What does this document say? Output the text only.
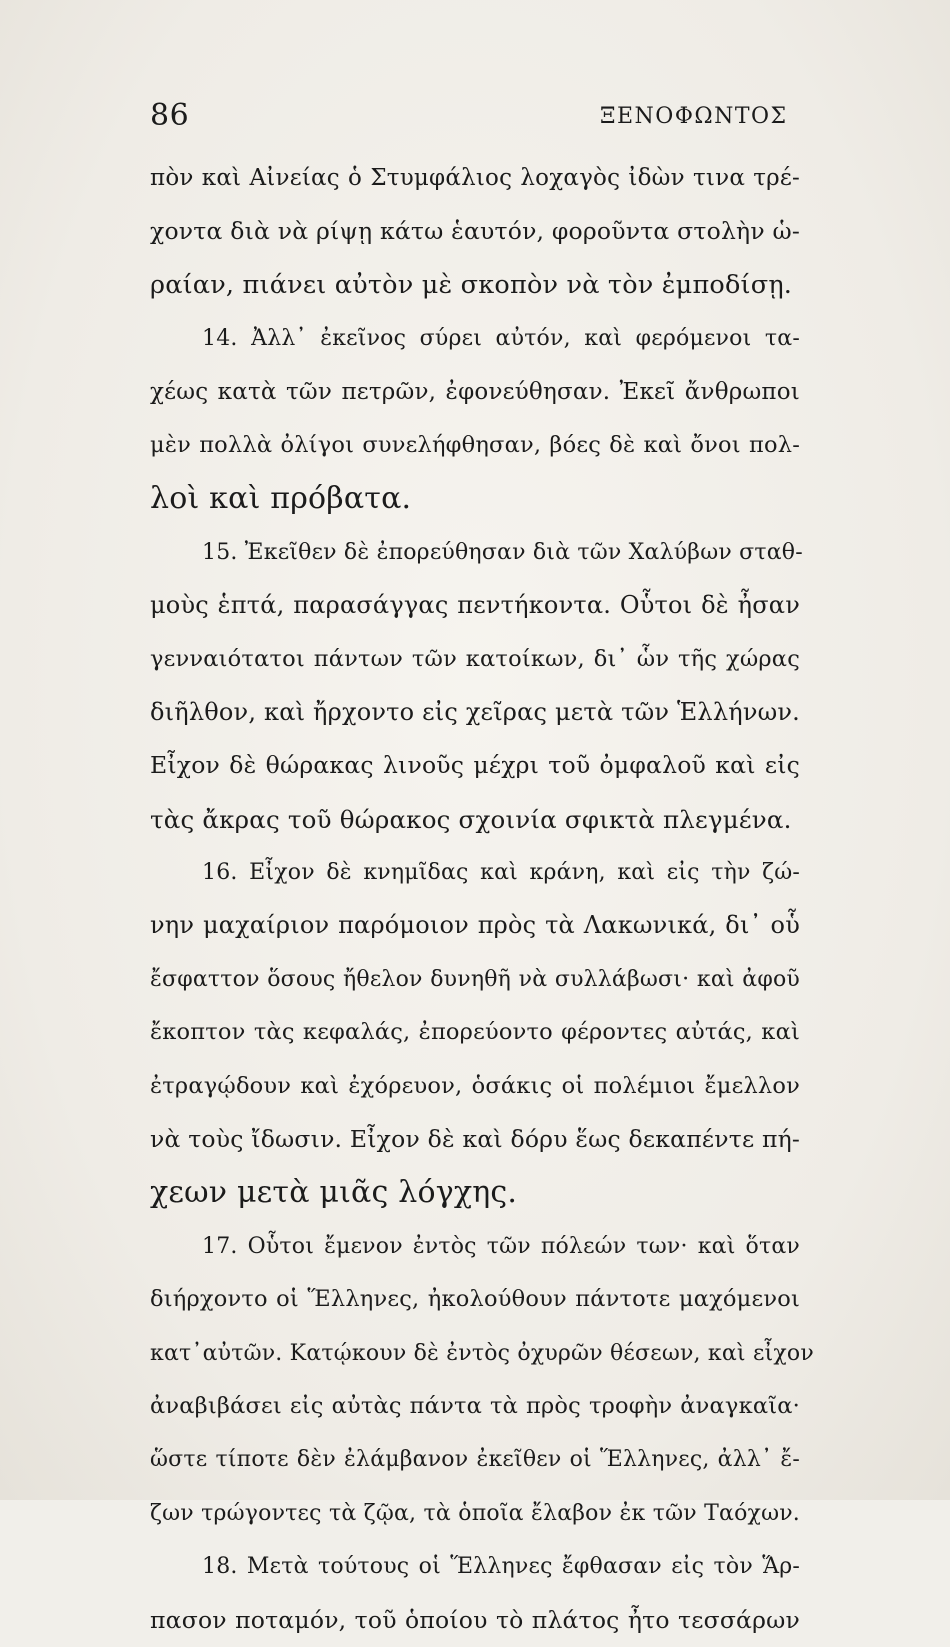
86	ΞΕΝΟΦΩΝΤΟΣ
πὸν καὶ Αἰνείας ὁ Στυμφάλιος λοχαγὸς ἰδὼν τινα τρέ-
χοντα διὰ νὰ ρίψῃ κάτω ἑαυτόν, φοροῦντα στολὴν ὡ-
ραίαν, πιάνει αὐτὸν μὲ σκοπὸν νὰ τὸν ἐμποδίσῃ.
14. Ἀλλ᾽ ἐκεῖνος σύρει αὐτόν, καὶ φερόμενοι τα-
χέως κατὰ τῶν πετρῶν, ἐφονεύθησαν. Ἐκεῖ ἄνθρωποι
μὲν πολλὰ ὀλίγοι συνελήφθησαν, βόες δὲ καὶ ὄνοι πολ-
λοὶ καὶ πρόβατα.
15. Ἐκεῖθεν δὲ ἐπορεύθησαν διὰ τῶν Χαλύβων σταθ-
μοὺς ἑπτά, παρασάγγας πεντήκοντα. Οὗτοι δὲ ἦσαν
γενναιότατοι πάντων τῶν κατοίκων, δι᾽ ὧν τῆς χώρας
διῆλθον, καὶ ἤρχοντο εἰς χεῖρας μετὰ τῶν Ἑλλήνων.
Εἶχον δὲ θώρακας λινοῦς μέχρι τοῦ ὀμφαλοῦ καὶ εἰς
τὰς ἄκρας τοῦ θώρακος σχοινία σφικτὰ πλεγμένα.
16. Εἶχον δὲ κνημῖδας καὶ κράνη, καὶ εἰς τὴν ζώ-
νην μαχαίριον παρόμοιον πρὸς τὰ Λακωνικά, δι᾽ οὗ
ἔσφαττον ὅσους ἤθελον δυνηθῆ νὰ συλλάβωσι· καὶ ἀφοῦ
ἔκοπτον τὰς κεφαλάς, ἐπορεύοντο φέροντες αὐτάς, καὶ
ἐτραγῴδουν καὶ ἐχόρευον, ὁσάκις οἱ πολέμιοι ἔμελλον
νὰ τοὺς ἴδωσιν. Εἶχον δὲ καὶ δόρυ ἕως δεκαπέντε πή-
χεων μετὰ μιᾶς λόγχης.
17. Οὗτοι ἔμενον ἐντὸς τῶν πόλεών των· καὶ ὅταν
διήρχοντο οἱ Ἕλληνες, ἠκολούθουν πάντοτε μαχόμενοι
κατ᾽αὐτῶν. Κατῴκουν δὲ ἐντὸς ὀχυρῶν θέσεων, καὶ εἶχον
ἀναβιβάσει εἰς αὐτὰς πάντα τὰ πρὸς τροφὴν ἀναγκαῖα·
ὥστε τίποτε δὲν ἐλάμβανον ἐκεῖθεν οἱ Ἕλληνες, ἀλλ᾽ ἔ-
ζων τρώγοντες τὰ ζῷα, τὰ ὁποῖα ἔλαβον ἐκ τῶν Ταόχων.
18. Μετὰ τούτους οἱ Ἕλληνες ἔφθασαν εἰς τὸν Ἅρ-
πασον ποταμόν, τοῦ ὁποίου τὸ πλάτος ἦτο τεσσάρων
